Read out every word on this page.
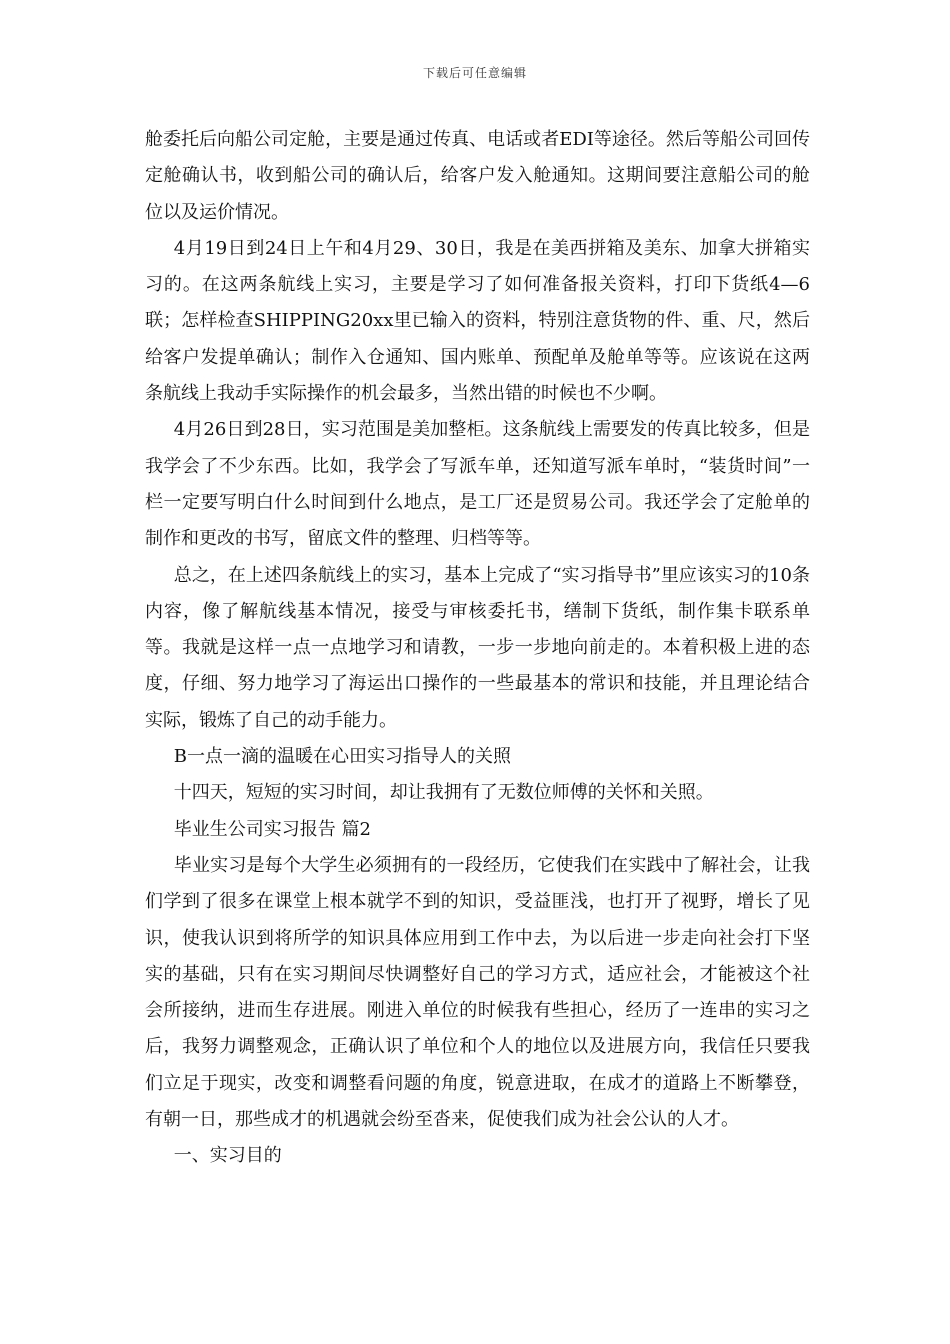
下载后可任意编辑

舱委托后向船公司定舱，主要是通过传真、电话或者EDI等途径。然后等船公司回传定舱确认书，收到船公司的确认后，给客户发入舱通知。这期间要注意船公司的舱位以及运价情况。

4月19日到24日上午和4月29、30日，我是在美西拼箱及美东、加拿大拼箱实习的。在这两条航线上实习，主要是学习了如何准备报关资料，打印下货纸4—6联；怎样检查SHIPPING20xx里已输入的资料，特别注意货物的件、重、尺，然后给客户发提单确认；制作入仓通知、国内账单、预配单及舱单等等。应该说在这两条航线上我动手实际操作的机会最多，当然出错的时候也不少啊。

4月26日到28日，实习范围是美加整柜。这条航线上需要发的传真比较多，但是我学会了不少东西。比如，我学会了写派车单，还知道写派车单时，“装货时间”一栏一定要写明白什么时间到什么地点，是工厂还是贸易公司。我还学会了定舱单的制作和更改的书写，留底文件的整理、归档等等。

总之，在上述四条航线上的实习，基本上完成了“实习指导书”里应该实习的10条内容，像了解航线基本情况，接受与审核委托书，缮制下货纸，制作集卡联系单等。我就是这样一点一点地学习和请教，一步一步地向前走的。本着积极上进的态度，仔细、努力地学习了海运出口操作的一些最基本的常识和技能，并且理论结合实际，锻炼了自己的动手能力。

B一点一滴的温暖在心田实习指导人的关照

十四天，短短的实习时间，却让我拥有了无数位师傅的关怀和关照。

毕业生公司实习报告 篇2

毕业实习是每个大学生必须拥有的一段经历，它使我们在实践中了解社会，让我们学到了很多在课堂上根本就学不到的知识，受益匪浅，也打开了视野，增长了见识，使我认识到将所学的知识具体应用到工作中去，为以后进一步走向社会打下坚实的基础，只有在实习期间尽快调整好自己的学习方式，适应社会，才能被这个社会所接纳，进而生存进展。刚进入单位的时候我有些担心，经历了一连串的实习之后，我努力调整观念，正确认识了单位和个人的地位以及进展方向，我信任只要我们立足于现实，改变和调整看问题的角度，锐意进取，在成才的道路上不断攀登，有朝一日，那些成才的机遇就会纷至沓来，促使我们成为社会公认的人才。

一、实习目的
